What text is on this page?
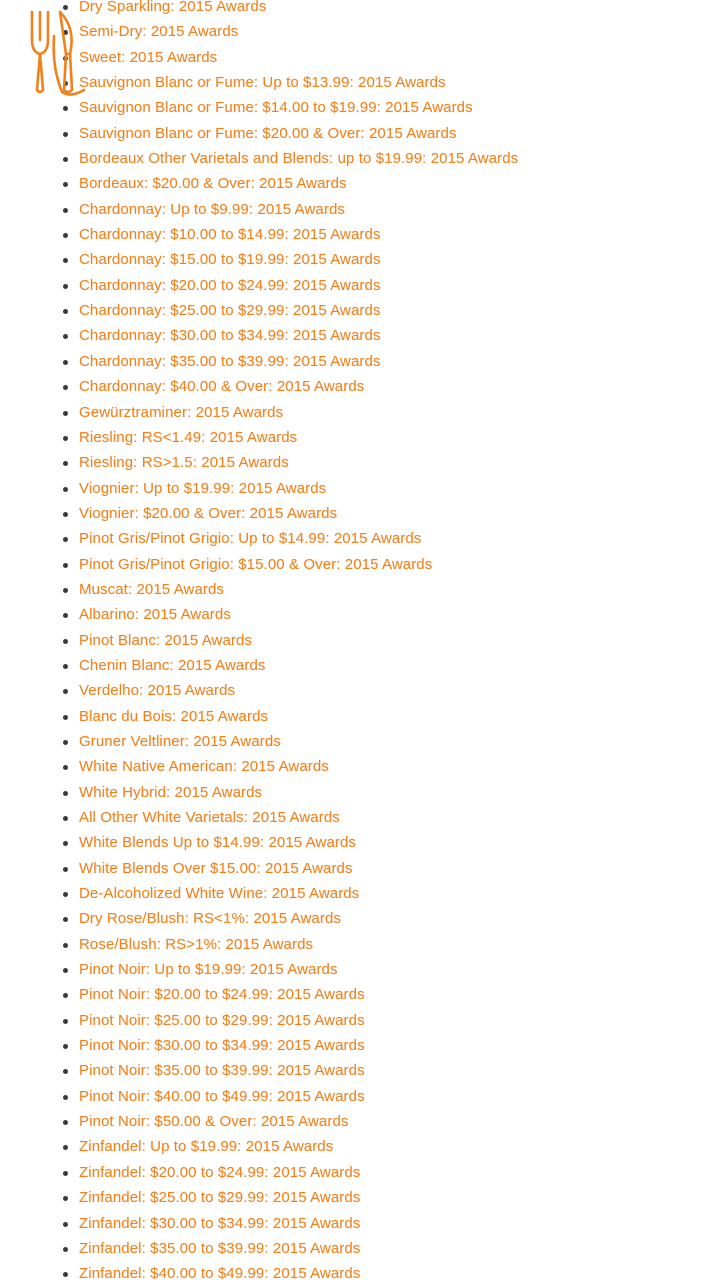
Dry Sparkling: 2015 Awards
Semi-Dry: 2015 Awards
Sweet: 2015 Awards
Sauvignon Blanc or Fume: Up to $13.99: 2015 Awards
Sauvignon Blanc or Fume: $14.00 to $19.99: 2015 Awards
Sauvignon Blanc or Fume: $20.00 & Over: 2015 Awards
Bordeaux Other Varietals and Blends: up to $19.99: 2015 Awards
Bordeaux: $20.00 & Over: 2015 Awards
Chardonnay: Up to $9.99: 2015 Awards
Chardonnay: $10.00 to $14.99: 2015 Awards
Chardonnay: $15.00 to $19.99: 2015 Awards
Chardonnay: $20.00 to $24.99: 2015 Awards
Chardonnay: $25.00 to $29.99: 2015 Awards
Chardonnay: $30.00 to $34.99: 2015 Awards
Chardonnay: $35.00 to $39.99: 2015 Awards
Chardonnay: $40.00 & Over: 2015 Awards
Gewürztraminer: 2015 Awards
Riesling: RS<1.49: 2015 Awards
Riesling: RS>1.5: 2015 Awards
Viognier: Up to $19.99: 2015 Awards
Viognier: $20.00 & Over: 2015 Awards
Pinot Gris/Pinot Grigio: Up to $14.99: 2015 Awards
Pinot Gris/Pinot Grigio: $15.00 & Over: 2015 Awards
Muscat: 2015 Awards
Albarino: 2015 Awards
Pinot Blanc: 2015 Awards
Chenin Blanc: 2015 Awards
Verdelho: 2015 Awards
Blanc du Bois: 2015 Awards
Gruner Veltliner: 2015 Awards
White Native American: 2015 Awards
White Hybrid: 2015 Awards
All Other White Varietals: 2015 Awards
White Blends Up to $14.99: 2015 Awards
White Blends Over $15.00: 2015 Awards
De-Alcoholized White Wine: 2015 Awards
Dry Rose/Blush: RS<1%: 2015 Awards
Rose/Blush: RS>1%: 2015 Awards
Pinot Noir: Up to $19.99: 2015 Awards
Pinot Noir: $20.00 to $24.99: 2015 Awards
Pinot Noir: $25.00 to $29.99: 2015 Awards
Pinot Noir: $30.00 to $34.99: 2015 Awards
Pinot Noir: $35.00 to $39.99: 2015 Awards
Pinot Noir: $40.00 to $49.99: 2015 Awards
Pinot Noir: $50.00 & Over: 2015 Awards
Zinfandel: Up to $19.99: 2015 Awards
Zinfandel: $20.00 to $24.99: 2015 Awards
Zinfandel: $25.00 to $29.99: 2015 Awards
Zinfandel: $30.00 to $34.99: 2015 Awards
Zinfandel: $35.00 to $39.99: 2015 Awards
Zinfandel: $40.00 to $49.99: 2015 Awards
